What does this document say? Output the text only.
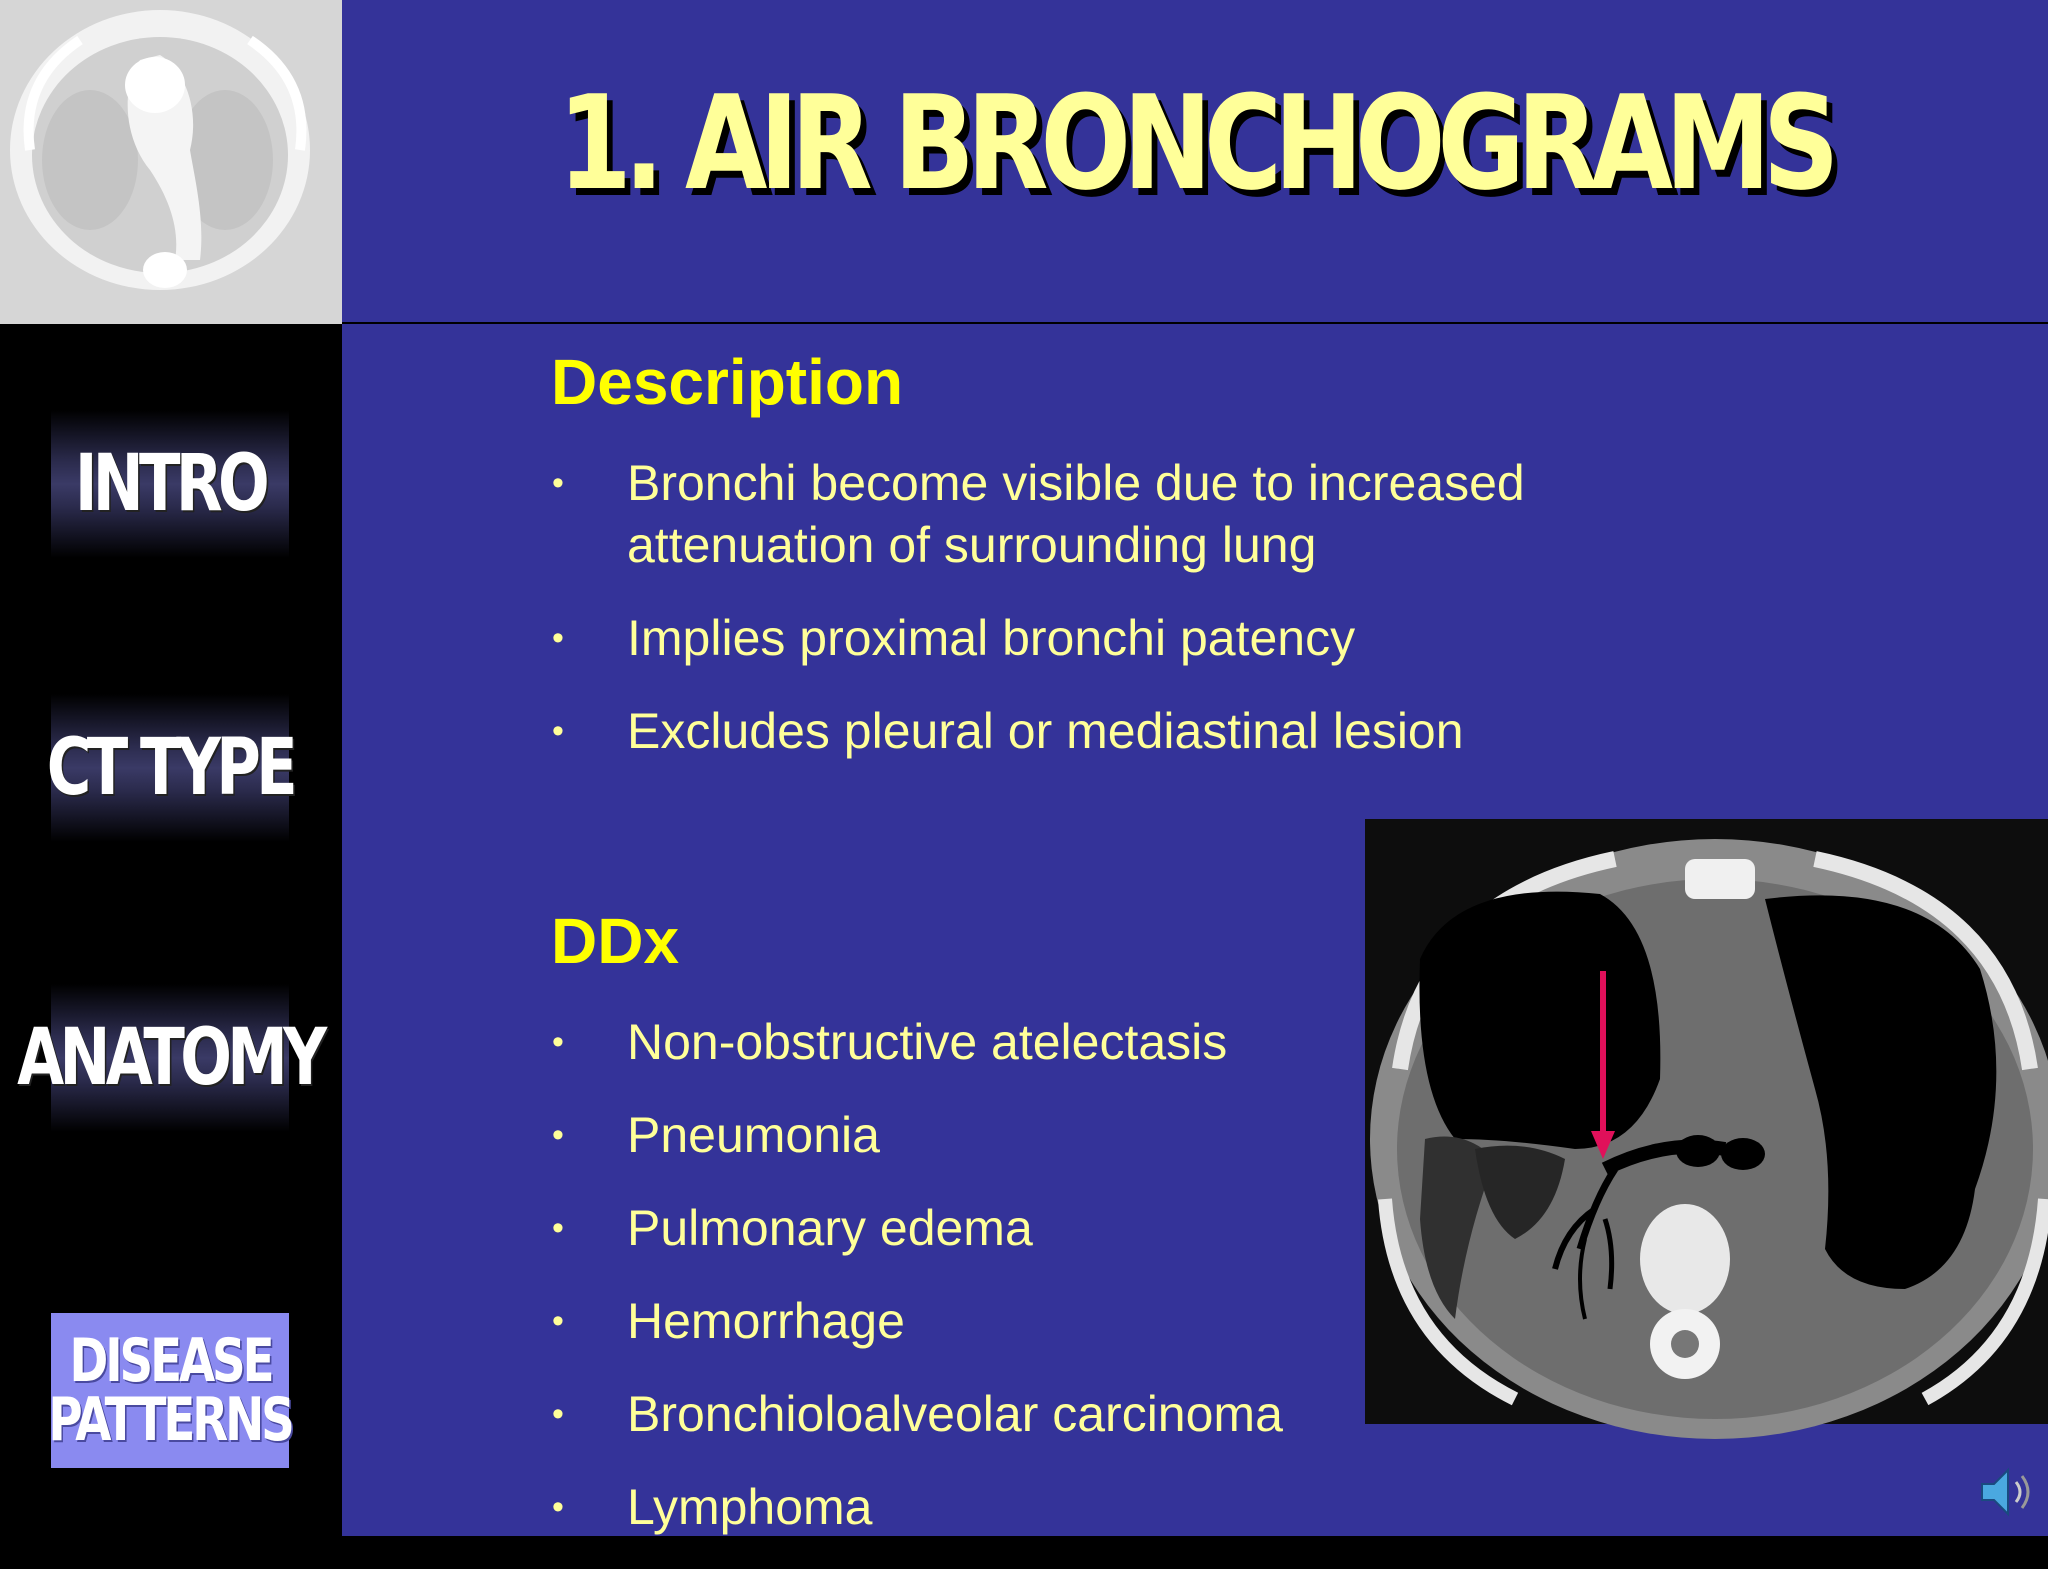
INTRO
CT TYPE
ANATOMY
DISEASE
PATTERNS
1. AIR BRONCHOGRAMS
Description
• Bronchi become visible due to increased attenuation of surrounding lung
• Implies proximal bronchi patency
• Excludes pleural or mediastinal lesion
DDx
• Non-obstructive atelectasis
• Pneumonia
• Pulmonary edema
• Hemorrhage
• Bronchioloalveolar carcinoma
• Lymphoma
